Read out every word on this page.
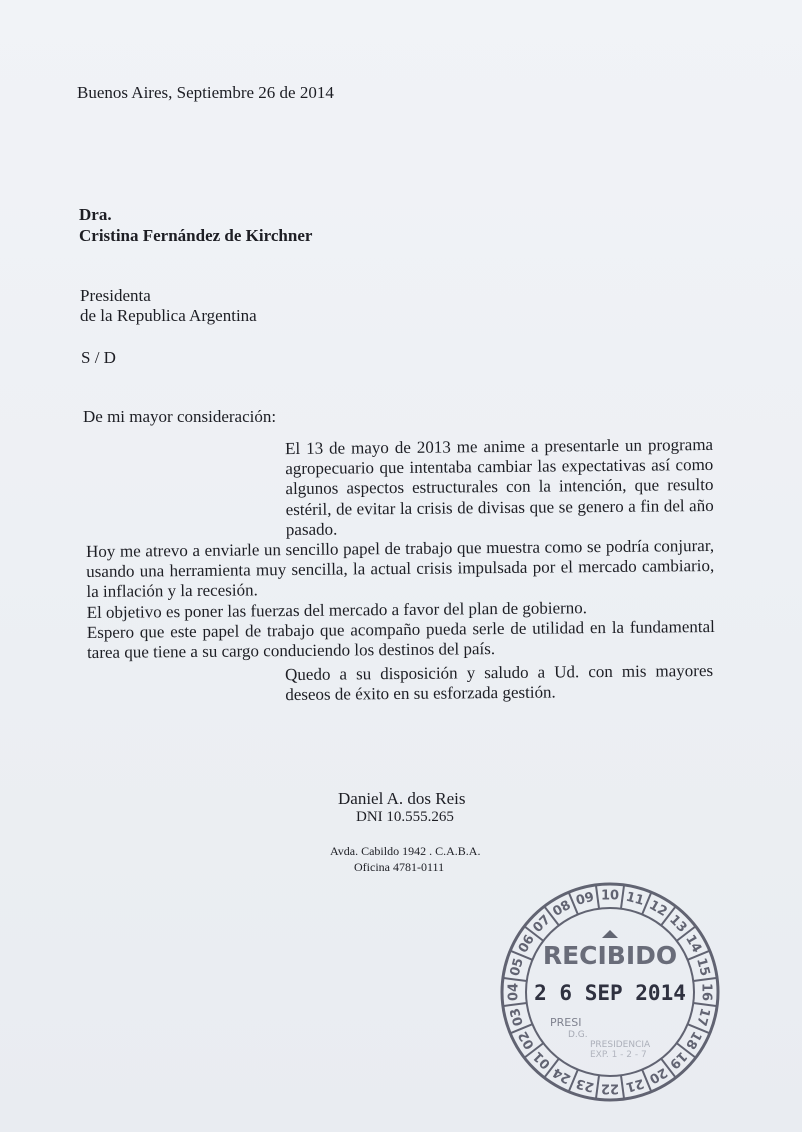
Buenos Aires, Septiembre 26 de 2014
Dra.
Cristina Fernández de Kirchner
Presidenta
de la Republica Argentina
S / D
De mi mayor consideración:

El 13 de mayo de 2013 me anime a presentarle un programa agropecuario que intentaba cambiar las expectativas así como algunos aspectos estructurales con la intención, que resulto estéril, de evitar la crisis de divisas que se genero a fin del año pasado.

Hoy me atrevo a enviarle un sencillo papel de trabajo que muestra como se podría conjurar, usando una herramienta muy sencilla, la actual crisis impulsada por el mercado cambiario, la inflación y la recesión.

El objetivo es poner las fuerzas del mercado a favor del plan de gobierno.

Espero que este papel de trabajo que acompaño pueda serle de utilidad en la fundamental tarea que tiene a su cargo conduciendo los destinos del país.

Quedo a su disposición y saludo a Ud. con mis mayores deseos de éxito en su esforzada gestión.

Daniel A. dos Reis
DNI 10.555.265
Avda. Cabildo 1942 . C.A.B.A.
Oficina 4781-0111
11 12
13
14
15
16
17
18
19
20
21
22
23
24
01
02
03
04
05
06
07
08 09 10
RECIBIDO
2 6 SEP 2014
PRESI
D.G.
PRESIDENCIA
EXP. 1 - 2 - 7
